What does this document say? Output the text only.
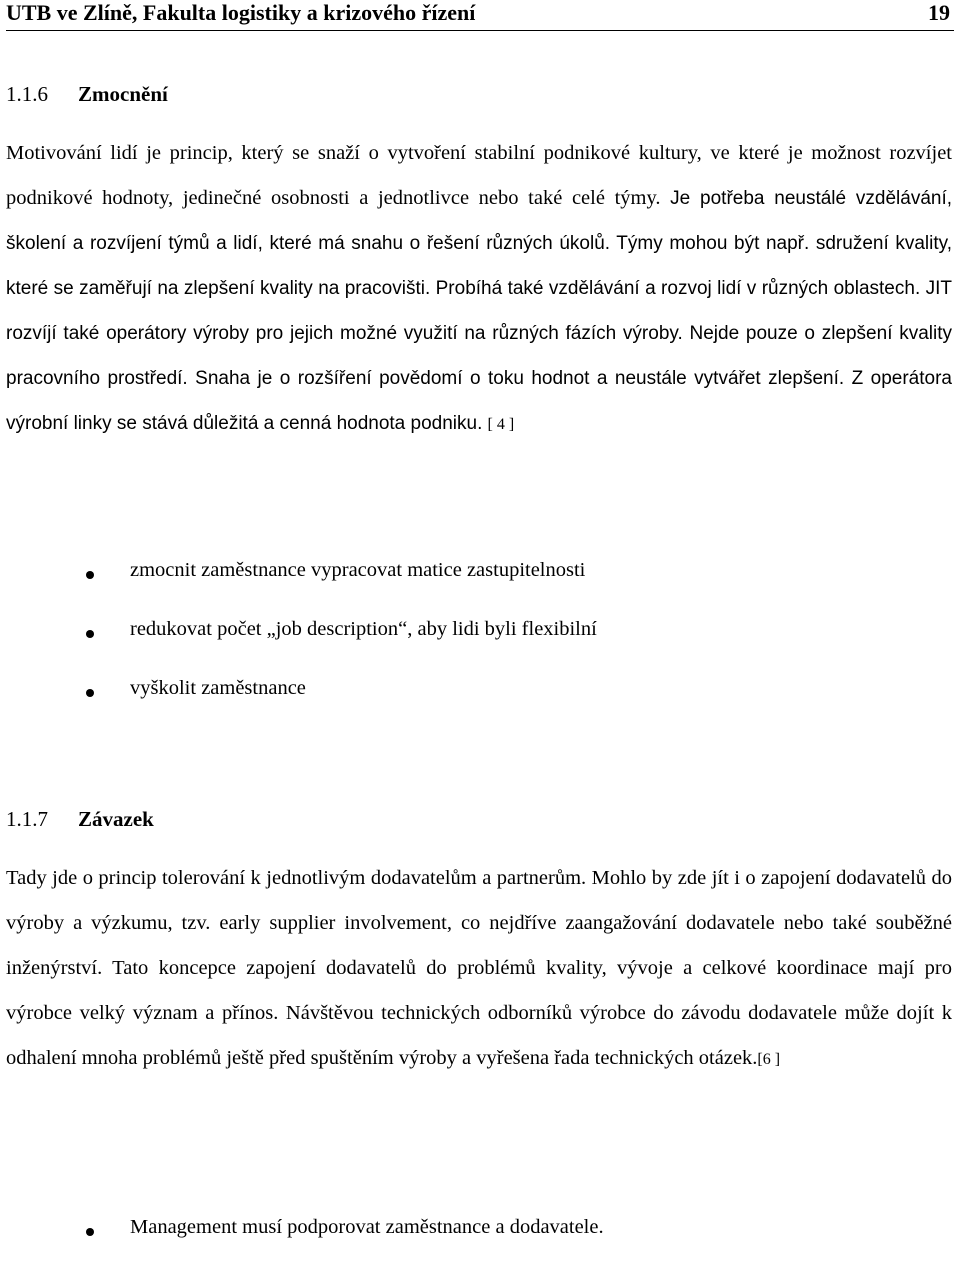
UTB ve Zlíně, Fakulta logistiky a krizového řízení	19
1.1.6 Zmocnění
Motivování lidí je princip, který se snaží o vytvoření stabilní podnikové kultury, ve které je možnost rozvíjet podnikové hodnoty, jedinečné osobnosti a jednotlivce nebo také celé týmy. Je potřeba neustálé vzdělávání, školení a rozvíjení týmů a lidí, které má snahu o řešení různých úkolů. Týmy mohou být např. sdružení kvality, které se zaměřují na zlepšení kvality na pracovišti. Probíhá také vzdělávání a rozvoj lidí v různých oblastech. JIT rozvíjí také operátory výroby pro jejich možné využití na různých fázích výroby. Nejde pouze o zlepšení kvality pracovního prostředí. Snaha je o rozšíření povědomí o toku hodnot a neustále vytvářet zlepšení. Z operátora výrobní linky se stává důležitá a cenná hodnota podniku. [ 4 ]
zmocnit zaměstnance vypracovat matice zastupitelnosti
redukovat počet „job description“, aby lidi byli flexibilní
vyškolit zaměstnance
1.1.7 Závazek
Tady jde o princip tolerování k jednotlivým dodavatelům a partnerům. Mohlo by zde jít i o zapojení dodavatelů do výroby a výzkumu, tzv. early supplier involvement, co nejdříve zaangažování dodavatele nebo také souběžné inženýrství. Tato koncepce zapojení dodavatelů do problémů kvality, vývoje a celkové koordinace mají pro výrobce velký význam a přínos. Návštěvou technických odborníků výrobce do závodu dodavatele může dojít k odhalení mnoha problémů ještě před spuštěním výroby a vyřešena řada technických otázek.[6 ]
Management musí podporovat zaměstnance a dodavatele.
